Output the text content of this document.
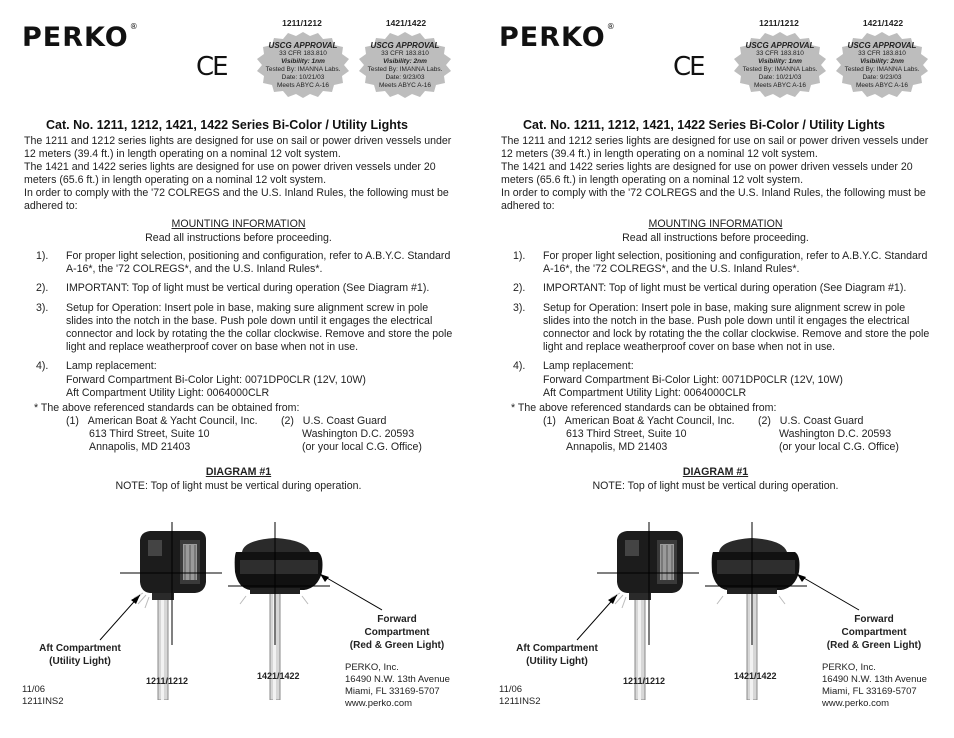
PERKO®
CE
1211/1212
USCG APPROVAL
33 CFR 183.810
Visibility: 1nm
Tested By: IMANNA Labs.
Date: 10/21/03
Meets ABYC A-16
1421/1422
USCG APPROVAL
33 CFR 183.810
Visibility: 2nm
Tested By: IMANNA Labs.
Date: 9/23/03
Meets ABYC A-16
Cat. No. 1211, 1212, 1421, 1422 Series Bi-Color / Utility Lights

The 1211 and 1212 series lights are designed for use on sail or power driven vessels under 12 meters (39.4 ft.) in length operating on a nominal 12 volt system.

The 1421 and 1422 series lights are designed for use on power driven vessels under 20 meters (65.6 ft.) in length operating on a nominal 12 volt system.

In order to comply with the '72 COLREGS and the U.S. Inland Rules, the following must be adhered to:

MOUNTING INFORMATION
Read all instructions before proceeding.
1).	For proper light selection, positioning and configuration, refer to A.B.Y.C. Standard A-16*, the '72 COLREGS*, and the U.S. Inland Rules*.
2).	IMPORTANT: Top of light must be vertical during operation (See Diagram #1).
3).	Setup for Operation: Insert pole in base, making sure alignment screw in pole slides into the notch in the base. Push pole down until it engages the electrical connector and lock by rotating the the collar clockwise. Remove and store the pole light and replace weatherproof cover on base when not in use.
4).	Lamp replacement:
Forward Compartment Bi-Color Light: 0071DP0CLR (12V, 10W)
Aft Compartment Utility Light: 0064000CLR
* The above referenced standards can be obtained from:
(1) American Boat & Yacht Council, Inc.
613 Third Street, Suite 10
Annapolis, MD 21403
(2) U.S. Coast Guard
Washington D.C. 20593
(or your local C.G. Office)
DIAGRAM #1
NOTE: Top of light must be vertical during operation.
Aft Compartment
(Utility Light)
Forward
Compartment
(Red & Green Light)
1211/1212	1421/1422
11/06
1211INS2
PERKO, Inc.
16490 N.W. 13th Avenue
Miami, FL 33169-5707
www.perko.com
PERKO®
CE
1211/1212
USCG APPROVAL
33 CFR 183.810
Visibility: 1nm
Tested By: IMANNA Labs.
Date: 10/21/03
Meets ABYC A-16
1421/1422
USCG APPROVAL
33 CFR 183.810
Visibility: 2nm
Tested By: IMANNA Labs.
Date: 9/23/03
Meets ABYC A-16
Cat. No. 1211, 1212, 1421, 1422 Series Bi-Color / Utility Lights

The 1211 and 1212 series lights are designed for use on sail or power driven vessels under 12 meters (39.4 ft.) in length operating on a nominal 12 volt system.

The 1421 and 1422 series lights are designed for use on power driven vessels under 20 meters (65.6 ft.) in length operating on a nominal 12 volt system.

In order to comply with the '72 COLREGS and the U.S. Inland Rules, the following must be adhered to:

MOUNTING INFORMATION
Read all instructions before proceeding.
1).	For proper light selection, positioning and configuration, refer to A.B.Y.C. Standard A-16*, the '72 COLREGS*, and the U.S. Inland Rules*.
2).	IMPORTANT: Top of light must be vertical during operation (See Diagram #1).
3).	Setup for Operation: Insert pole in base, making sure alignment screw in pole slides into the notch in the base. Push pole down until it engages the electrical connector and lock by rotating the the collar clockwise. Remove and store the pole light and replace weatherproof cover on base when not in use.
4).	Lamp replacement:
Forward Compartment Bi-Color Light: 0071DP0CLR (12V, 10W)
Aft Compartment Utility Light: 0064000CLR
* The above referenced standards can be obtained from:
(1) American Boat & Yacht Council, Inc.
613 Third Street, Suite 10
Annapolis, MD 21403
(2) U.S. Coast Guard
Washington D.C. 20593
(or your local C.G. Office)
DIAGRAM #1
NOTE: Top of light must be vertical during operation.
Aft Compartment
(Utility Light)
Forward
Compartment
(Red & Green Light)
1211/1212	1421/1422
11/06
1211INS2
PERKO, Inc.
16490 N.W. 13th Avenue
Miami, FL 33169-5707
www.perko.com
